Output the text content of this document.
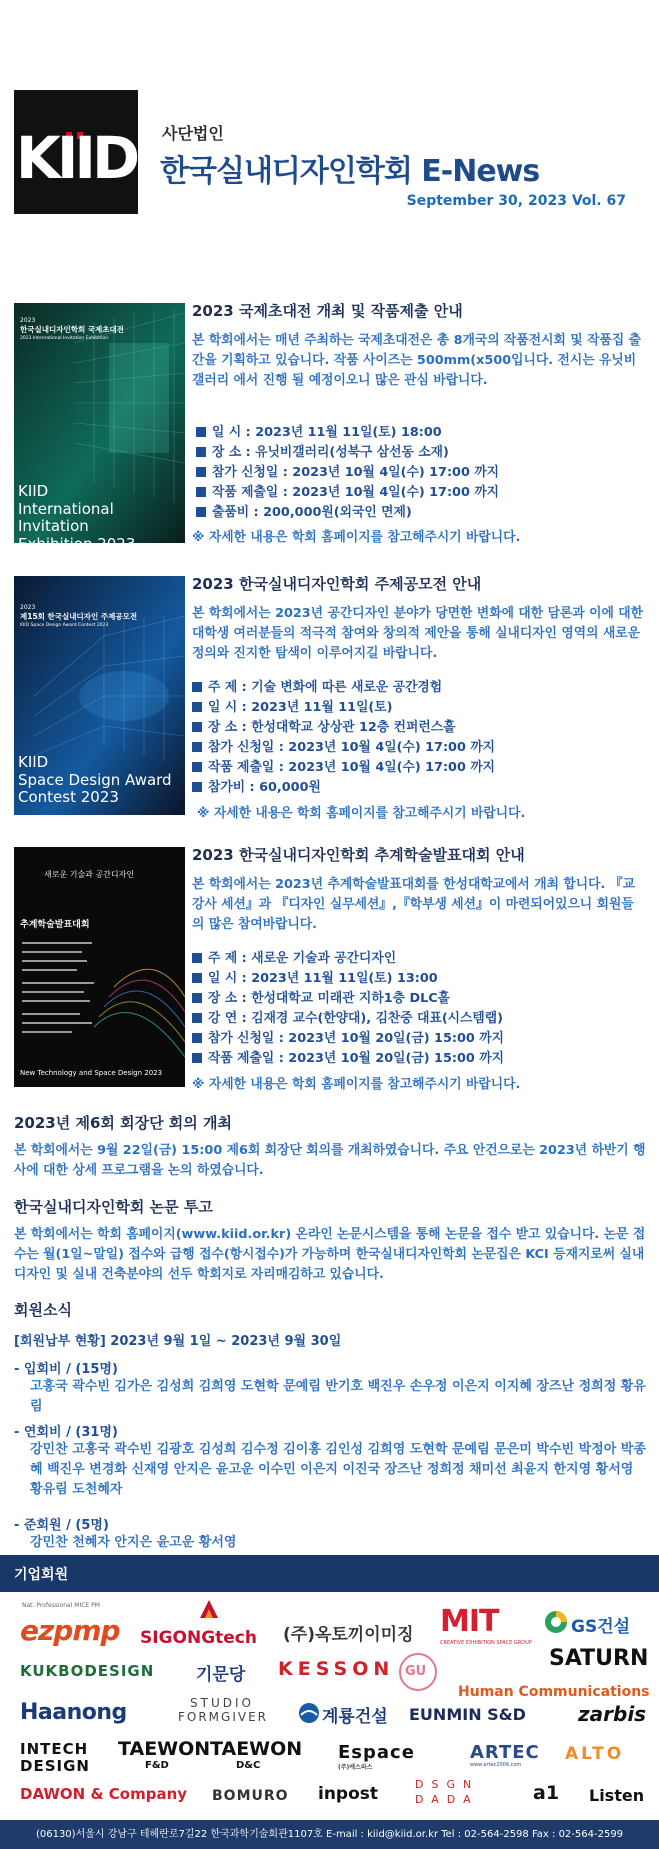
KIID 사단법인
한국실내디자인학회 E-News
September 30, 2023 Vol. 67
2023
한국실내디자인학회 국제초대전
2023 International Invitation Exhibition
KIID
International Invitation
Exhibition 2023
2023 국제초대전 개최 및 작품제출 안내
본 학회에서는 매년 주최하는 국제초대전은 총 8개국의 작품전시회 및 작품집 출간을 기획하고 있습니다. 작품 사이즈는 500mm(x500입니다. 전시는 유닛비갤러리 에서 진행 될 예정이오니 많은 관심 바랍니다.
일 시 : 2023년 11월 11일(토) 18:00
장 소 : 유닛비갤러리(성북구 삼선동 소재)
참가 신청일 : 2023년 10월 4일(수) 17:00 까지
작품 제출일 : 2023년 10월 4일(수) 17:00 까지
출품비 : 200,000원(외국인 면제)
※ 자세한 내용은 학회 홈페이지를 참고해주시기 바랍니다.
2023
제15회 한국실내디자인 주제공모전
KIID Space Design Award Contest 2023
KIID
Space Design Award
Contest 2023
2023 한국실내디자인학회 주제공모전 안내
본 학회에서는 2023년 공간디자인 분야가 당면한 변화에 대한 담론과 이에 대한 대학생 여러분들의 적극적 참여와 창의적 제안을 통해 실내디자인 영역의 새로운 정의와 진지한 탐색이 이루어지길 바랍니다.
주 제 : 기술 변화에 따른 새로운 공간경험
일 시 : 2023년 11월 11일(토)
장 소 : 한성대학교 상상관 12층 컨퍼런스홀
참가 신청일 : 2023년 10월 4일(수) 17:00 까지
작품 제출일 : 2023년 10월 4일(수) 17:00 까지
참가비 : 60,000원
※ 자세한 내용은 학회 홈페이지를 참고해주시기 바랍니다.
새로운 기술과 공간디자인
추계학술발표대회
New Technology and Space Design 2023
2023 한국실내디자인학회 추계학술발표대회 안내
본 학회에서는 2023년 추계학술발표대회를 한성대학교에서 개최 합니다. 『교강사 세션』과 『디자인 실무세션』,『학부생 세션』이 마련되어있으니 회원들의 많은 참여바랍니다.
주 제 : 새로운 기술과 공간디자인
일 시 : 2023년 11월 11일(토) 13:00
장 소 : 한성대학교 미래관 지하1층 DLC홀
강 연 : 김재경 교수(한양대), 김찬중 대표(시스템랩)
참가 신청일 : 2023년 10월 20일(금) 15:00 까지
작품 제출일 : 2023년 10월 20일(금) 15:00 까지
※ 자세한 내용은 학회 홈페이지를 참고해주시기 바랍니다.
2023년 제6회 회장단 회의 개최
본 학회에서는 9월 22일(금) 15:00 제6회 회장단 회의를 개최하였습니다. 주요 안건으로는 2023년 하반기 행사에 대한 상세 프로그램을 논의 하였습니다.
한국실내디자인학회 논문 투고
본 학회에서는 학회 홈페이지(www.kiid.or.kr) 온라인 논문시스템을 통해 논문을 접수 받고 있습니다. 논문 접수는 월(1일~말일) 접수와 급행 접수(항시접수)가 가능하며 한국실내디자인학회 논문집은 KCI 등재지로써 실내디자인 및 실내 건축분야의 선두 학회지로 자리매김하고 있습니다.
회원소식
[회원납부 현황] 2023년 9월 1일 ~ 2023년 9월 30일
- 입회비 / (15명)
고홍국 곽수빈 김가은 김성희 김희영 도현학 문예림 반기호 백진우 손우정 이은지 이지혜 장즈난 정희정 황유림
- 연회비 / (31명)
강민찬 고홍국 곽수빈 김광호 김성희 김수정 김이홍 김인성 김희영 도현학 문예림 문은미 박수빈 박정아 박종혜 백진우 변경화 신재영 안지은 윤고운 이수민 이은지 이진국 장즈난 정희정 채미선 최윤지 한지영 황서영 황유림 도천혜자
- 준회원 / (5명)
강민찬 천혜자 안지은 윤고운 황서영
기업회원
Nat. Professional MICE PM
ezpmp SIGONGtech (주)옥토끼이미징 MIT
CREATIVE EXHIBITION SPACE GROUP
GS건설
KUKBODESIGN 기문당 KESSON GU
SATURN
Human Communications
Haanong	STUDIO
FORMGIVER	계룡건설 EUNMIN S&D	zarbis
INTECH
DESIGN
TAEWON
F&D
TAEWON
D&C
Espace
(주)에스파스
ARTEC
www.artec2006.com
ALTO
DAWON & Company BOMURO inpost	DSGN
DADA	a1 Listen
(06130)서울시 강남구 테헤란로7길22 한국과학기술회관1107호 E-mail : kiid@kiid.or.kr Tel : 02-564-2598 Fax : 02-564-2599
